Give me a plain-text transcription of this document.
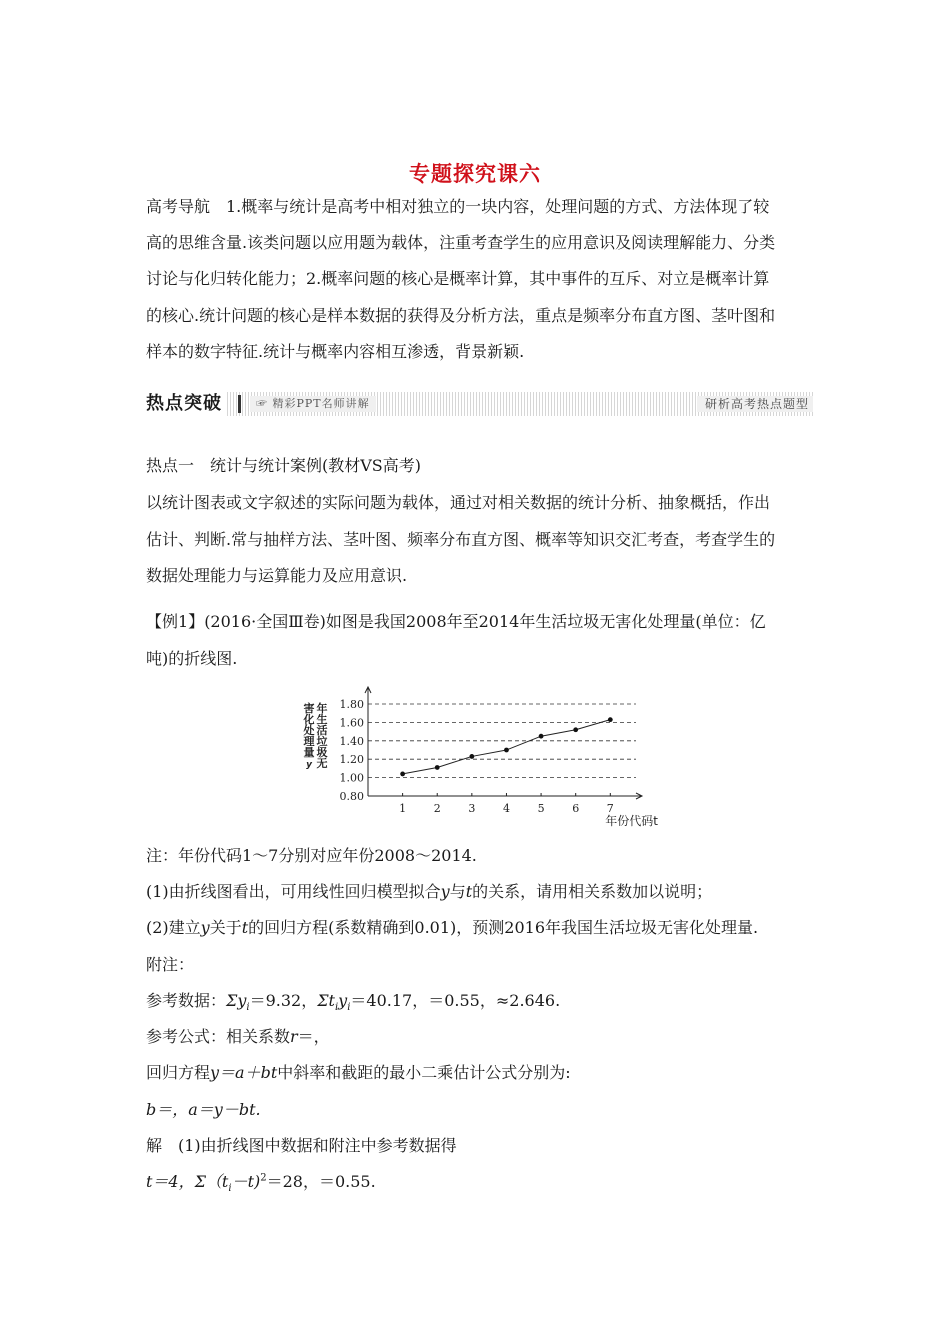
专题探究课六
高考导航　1.概率与统计是高考中相对独立的一块内容，处理问题的方式、方法体现了较
高的思维含量.该类问题以应用题为载体，注重考查学生的应用意识及阅读理解能力、分类
讨论与化归转化能力；2.概率问题的核心是概率计算，其中事件的互斥、对立是概率计算
的核心.统计问题的核心是样本数据的获得及分析方法，重点是频率分布直方图、茎叶图和
样本的数字特征.统计与概率内容相互渗透，背景新颖.
热点突破	☞ 精彩PPT名师讲解	研析高考热点题型
热点一　统计与统计案例(教材VS高考)
以统计图表或文字叙述的实际问题为载体，通过对相关数据的统计分析、抽象概括，作出
估计、判断.常与抽样方法、茎叶图、频率分布直方图、概率等知识交汇考查，考查学生的
数据处理能力与运算能力及应用意识.
【例1】(2016·全国Ⅲ卷)如图是我国2008年至2014年生活垃圾无害化处理量(单位：亿
吨)的折线图.
年
生
活
垃
圾
无
害
化
处
理
量
y
0.80
1.00
1.20
1.40
1.60
1.80
1	2	3	4	5	6	7
年份代码t
注：年份代码1～7分别对应年份2008～2014.
(1)由折线图看出，可用线性回归模型拟合y与t的关系，请用相关系数加以说明；
(2)建立y关于t的回归方程(系数精确到0.01)，预测2016年我国生活垃圾无害化处理量.
附注：
参考数据：$\Sigma y_i=9.32$，$\Sigma t_iy_i=40.17$，＝0.55，≈2.646.
参考公式：相关系数r＝，
回归方程y＝a＋bt中斜率和截距的最小二乘估计公式分别为:
b＝，a＝y－bt.
解　(1)由折线图中数据和附注中参考数据得
t＝4，$\Sigma(t_i-t)^2=28$，＝0.55.
